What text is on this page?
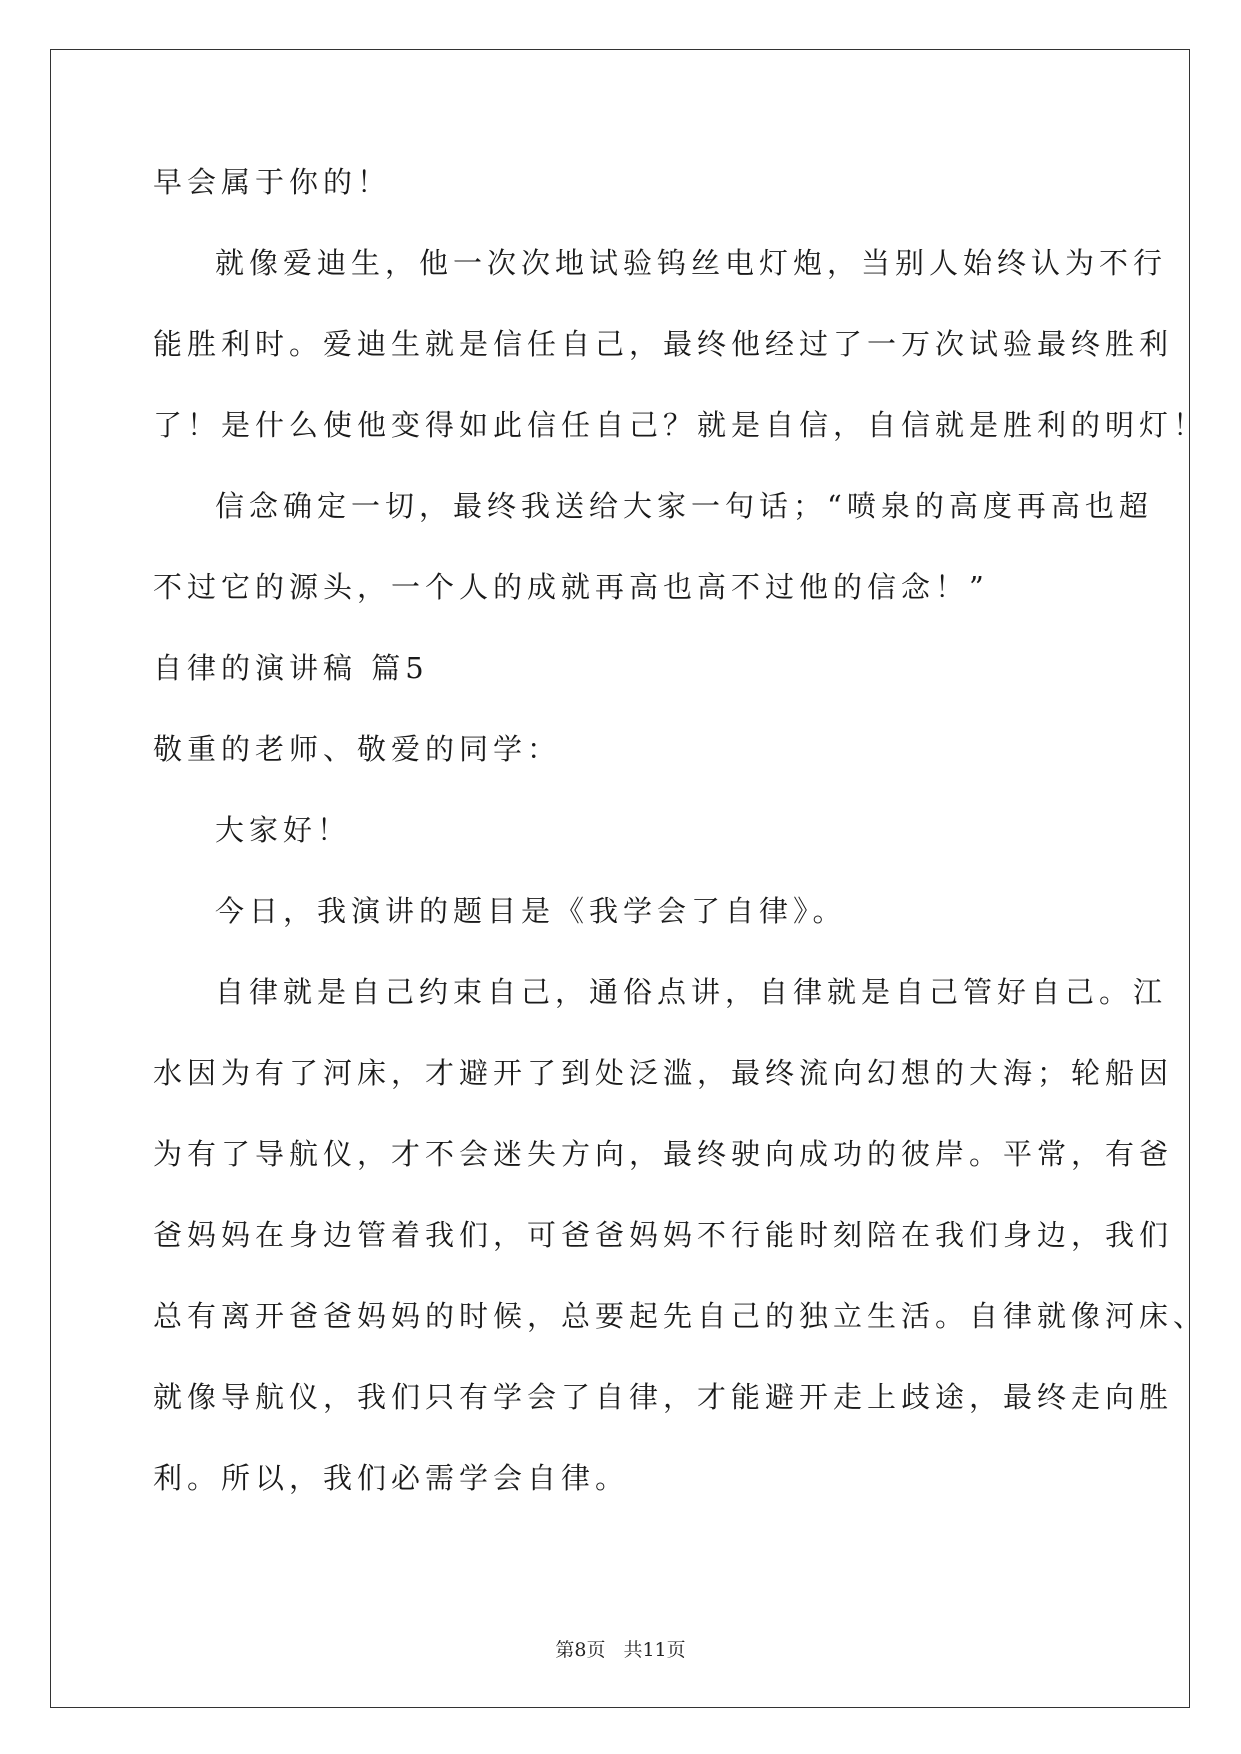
早会属于你的！
就像爱迪生，他一次次地试验钨丝电灯炮，当别人始终认为不行
能胜利时。爱迪生就是信任自己，最终他经过了一万次试验最终胜利
了！是什么使他变得如此信任自己？就是自信，自信就是胜利的明灯！
信念确定一切，最终我送给大家一句话；“喷泉的高度再高也超
不过它的源头，一个人的成就再高也高不过他的信念！”
自律的演讲稿 篇5
敬重的老师、敬爱的同学：
大家好！
今日，我演讲的题目是《我学会了自律》。
自律就是自己约束自己，通俗点讲，自律就是自己管好自己。江
水因为有了河床，才避开了到处泛滥，最终流向幻想的大海；轮船因
为有了导航仪，才不会迷失方向，最终驶向成功的彼岸。平常，有爸
爸妈妈在身边管着我们，可爸爸妈妈不行能时刻陪在我们身边，我们
总有离开爸爸妈妈的时候，总要起先自己的独立生活。自律就像河床、
就像导航仪，我们只有学会了自律，才能避开走上歧途，最终走向胜
利。所以，我们必需学会自律。
第8页 共11页
